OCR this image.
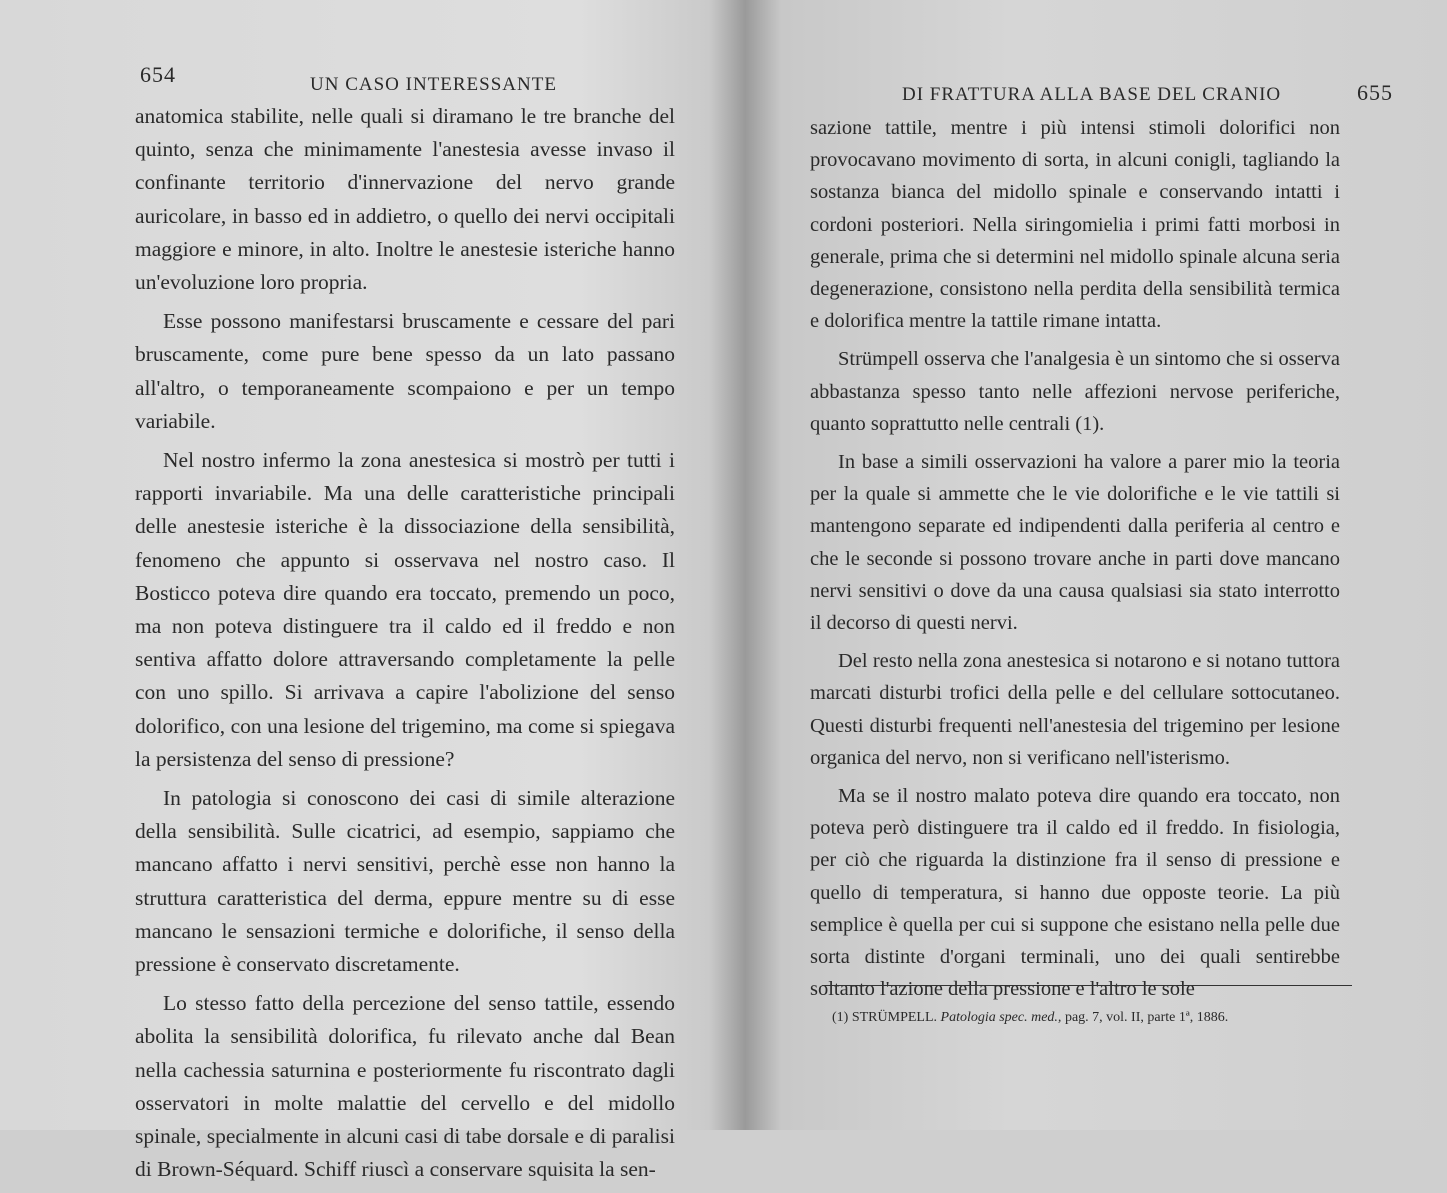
654	UN CASO INTERESSANTE

anatomica stabilite, nelle quali si diramano le tre branche del quinto, senza che minimamente l'anestesia avesse invaso il confinante territorio d'innervazione del nervo grande auricolare, in basso ed in addietro, o quello dei nervi occipitali maggiore e minore, in alto. Inoltre le anestesie isteriche hanno un'evoluzione loro propria.

Esse possono manifestarsi bruscamente e cessare del pari bruscamente, come pure bene spesso da un lato passano all'altro, o temporaneamente scompaiono e per un tempo variabile.

Nel nostro infermo la zona anestesica si mostrò per tutti i rapporti invariabile. Ma una delle caratteristiche principali delle anestesie isteriche è la dissociazione della sensibilità, fenomeno che appunto si osservava nel nostro caso. Il Bosticco poteva dire quando era toccato, premendo un poco, ma non poteva distinguere tra il caldo ed il freddo e non sentiva affatto dolore attraversando completamente la pelle con uno spillo. Si arrivava a capire l'abolizione del senso dolorifico, con una lesione del trigemino, ma come si spiegava la persistenza del senso di pressione?

In patologia si conoscono dei casi di simile alterazione della sensibilità. Sulle cicatrici, ad esempio, sappiamo che mancano affatto i nervi sensitivi, perchè esse non hanno la struttura caratteristica del derma, eppure mentre su di esse mancano le sensazioni termiche e dolorifiche, il senso della pressione è conservato discretamente.

Lo stesso fatto della percezione del senso tattile, essendo abolita la sensibilità dolorifica, fu rilevato anche dal Bean nella cachessia saturnina e posteriormente fu riscontrato dagli osservatori in molte malattie del cervello e del midollo spinale, specialmente in alcuni casi di tabe dorsale e di paralisi di Brown-Séquard. Schiff riuscì a conservare squisita la sen-

DI FRATTURA ALLA BASE DEL CRANIO	655

sazione tattile, mentre i più intensi stimoli dolorifici non provocavano movimento di sorta, in alcuni conigli, tagliando la sostanza bianca del midollo spinale e conservando intatti i cordoni posteriori. Nella siringomielia i primi fatti morbosi in generale, prima che si determini nel midollo spinale alcuna seria degenerazione, consistono nella perdita della sensibilità termica e dolorifica mentre la tattile rimane intatta.

Strümpell osserva che l'analgesia è un sintomo che si osserva abbastanza spesso tanto nelle affezioni nervose periferiche, quanto soprattutto nelle centrali (1).

In base a simili osservazioni ha valore a parer mio la teoria per la quale si ammette che le vie dolorifiche e le vie tattili si mantengono separate ed indipendenti dalla periferia al centro e che le seconde si possono trovare anche in parti dove mancano nervi sensitivi o dove da una causa qualsiasi sia stato interrotto il decorso di questi nervi.

Del resto nella zona anestesica si notarono e si notano tuttora marcati disturbi trofici della pelle e del cellulare sottocutaneo. Questi disturbi frequenti nell'anestesia del trigemino per lesione organica del nervo, non si verificano nell'isterismo.

Ma se il nostro malato poteva dire quando era toccato, non poteva però distinguere tra il caldo ed il freddo. In fisiologia, per ciò che riguarda la distinzione fra il senso di pressione e quello di temperatura, si hanno due opposte teorie. La più semplice è quella per cui si suppone che esistano nella pelle due sorta distinte d'organi terminali, uno dei quali sentirebbe soltanto l'azione della pressione e l'altro le sole

(1) STRÜMPELL. Patologia spec. med., pag. 7, vol. II, parte 1ª, 1886.
